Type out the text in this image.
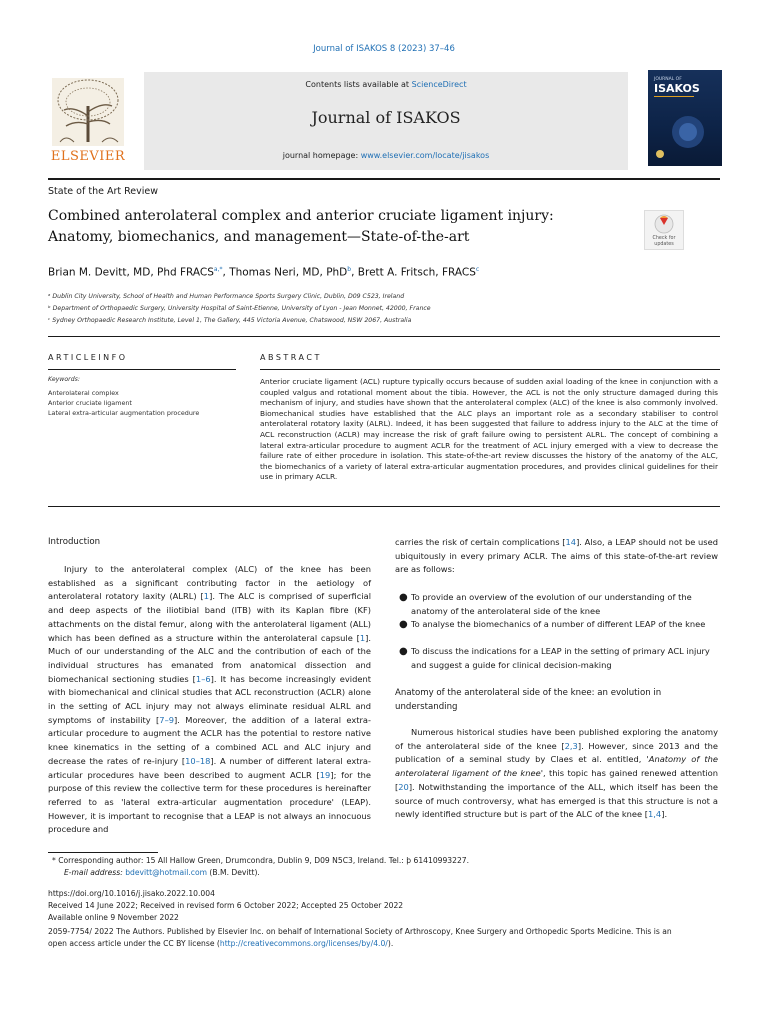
Journal of ISAKOS 8 (2023) 37–46
ELSEVIER
Contents lists available at ScienceDirect
Journal of ISAKOS
journal homepage: www.elsevier.com/locate/jisakos
JOURNAL OF
ISAKOS
State of the Art Review
Combined anterolateral complex and anterior cruciate ligament injury:
Anatomy, biomechanics, and management—State-of-the-art	Check for updates
Brian M. Devitt, MD, Phd $FRACS^{a,*}$, Thomas Neri, MD, PhD$^b$, Brett A. Fritsch, FRACS$^c$
ᵃ Dublin City University, School of Health and Human Performance Sports Surgery Clinic, Dublin, D09 C523, Ireland
ᵇ Department of Orthopaedic Surgery, University Hospital of Saint-Etienne, University of Lyon - Jean Monnet, 42000, France
ᶜ Sydney Orthopaedic Research Institute, Level 1, The Gallery, 445 Victoria Avenue, Chatswood, NSW 2067, Australia
ARTICLEINFO	ABSTRACT
Keywords:
Anterolateral complex
Anterior cruciate ligament
Lateral extra-articular augmentation procedure
Anterior cruciate ligament (ACL) rupture typically occurs because of sudden axial loading of the knee in conjunction with a coupled valgus and rotational moment about the tibia. However, the ACL is not the only structure damaged during this mechanism of injury, and studies have shown that the anterolateral complex (ALC) of the knee is also commonly involved. Biomechanical studies have established that the ALC plays an important role as a secondary stabiliser to control anterolateral rotatory laxity (ALRL). Indeed, it has been suggested that failure to address injury to the ALC at the time of ACL reconstruction (ACLR) may increase the risk of graft failure owing to persistent ALRL. The concept of combining a lateral extra-articular procedure to augment ACLR for the treatment of ACL injury emerged with a view to decrease the failure rate of either procedure in isolation. This state-of-the-art review discusses the history of the anatomy of the ALC, the biomechanics of a variety of lateral extra-articular augmentation procedures, and provides clinical guidelines for their use in primary ACLR.
Introduction
Injury to the anterolateral complex (ALC) of the knee has been established as a significant contributing factor in the aetiology of anterolateral rotatory laxity (ALRL) [1]. The ALC is comprised of superficial and deep aspects of the iliotibial band (ITB) with its Kaplan fibre (KF) attachments on the distal femur, along with the anterolateral ligament (ALL) which has been defined as a structure within the anterolateral capsule [1]. Much of our understanding of the ALC and the contribution of each of the individual structures has emanated from anatomical dissection and biomechanical sectioning studies [1–6]. It has become increasingly evident with biomechanical and clinical studies that ACL reconstruction (ACLR) alone in the setting of ACL injury may not always eliminate residual ALRL and symptoms of instability [7–9]. Moreover, the addition of a lateral extra-articular procedure to augment the ACLR has the potential to restore native knee kinematics in the setting of a combined ACL and ALC injury and decrease the rates of re-injury [10–18]. A number of different lateral extra-articular procedures have been described to augment ACLR [19]; for the purpose of this review the collective term for these procedures is hereinafter referred to as 'lateral extra-articular augmentation procedure' (LEAP). However, it is important to recognise that a LEAP is not always an innocuous procedure and
carries the risk of certain complications [14]. Also, a LEAP should not be used ubiquitously in every primary ACLR. The aims of this state-of-the-art review are as follows:
● To provide an overview of the evolution of our understanding of the anatomy of the anterolateral side of the knee
● To analyse the biomechanics of a number of different LEAP of the knee
● To discuss the indications for a LEAP in the setting of primary ACL injury and suggest a guide for clinical decision-making
Anatomy of the anterolateral side of the knee: an evolution in understanding
Numerous historical studies have been published exploring the anatomy of the anterolateral side of the knee [2,3]. However, since 2013 and the publication of a seminal study by Claes et al. entitled, 'Anatomy of the anterolateral ligament of the knee', this topic has gained renewed attention [20]. Notwithstanding the importance of the ALL, which itself has been the source of much controversy, what has emerged is that this structure is not a newly identified structure but is part of the ALC of the knee [1,4].
* Corresponding author: 15 All Hallow Green, Drumcondra, Dublin 9, D09 N5C3, Ireland. Tel.: þ 61410993227.
E-mail address: bdevitt@hotmail.com (B.M. Devitt).
https://doi.org/10.1016/j.jisako.2022.10.004
Received 14 June 2022; Received in revised form 6 October 2022; Accepted 25 October 2022
Available online 9 November 2022
2059-7754/ 2022 The Authors. Published by Elsevier Inc. on behalf of International Society of Arthroscopy, Knee Surgery and Orthopedic Sports Medicine. This is an
open access article under the CC BY license (http://creativecommons.org/licenses/by/4.0/).
